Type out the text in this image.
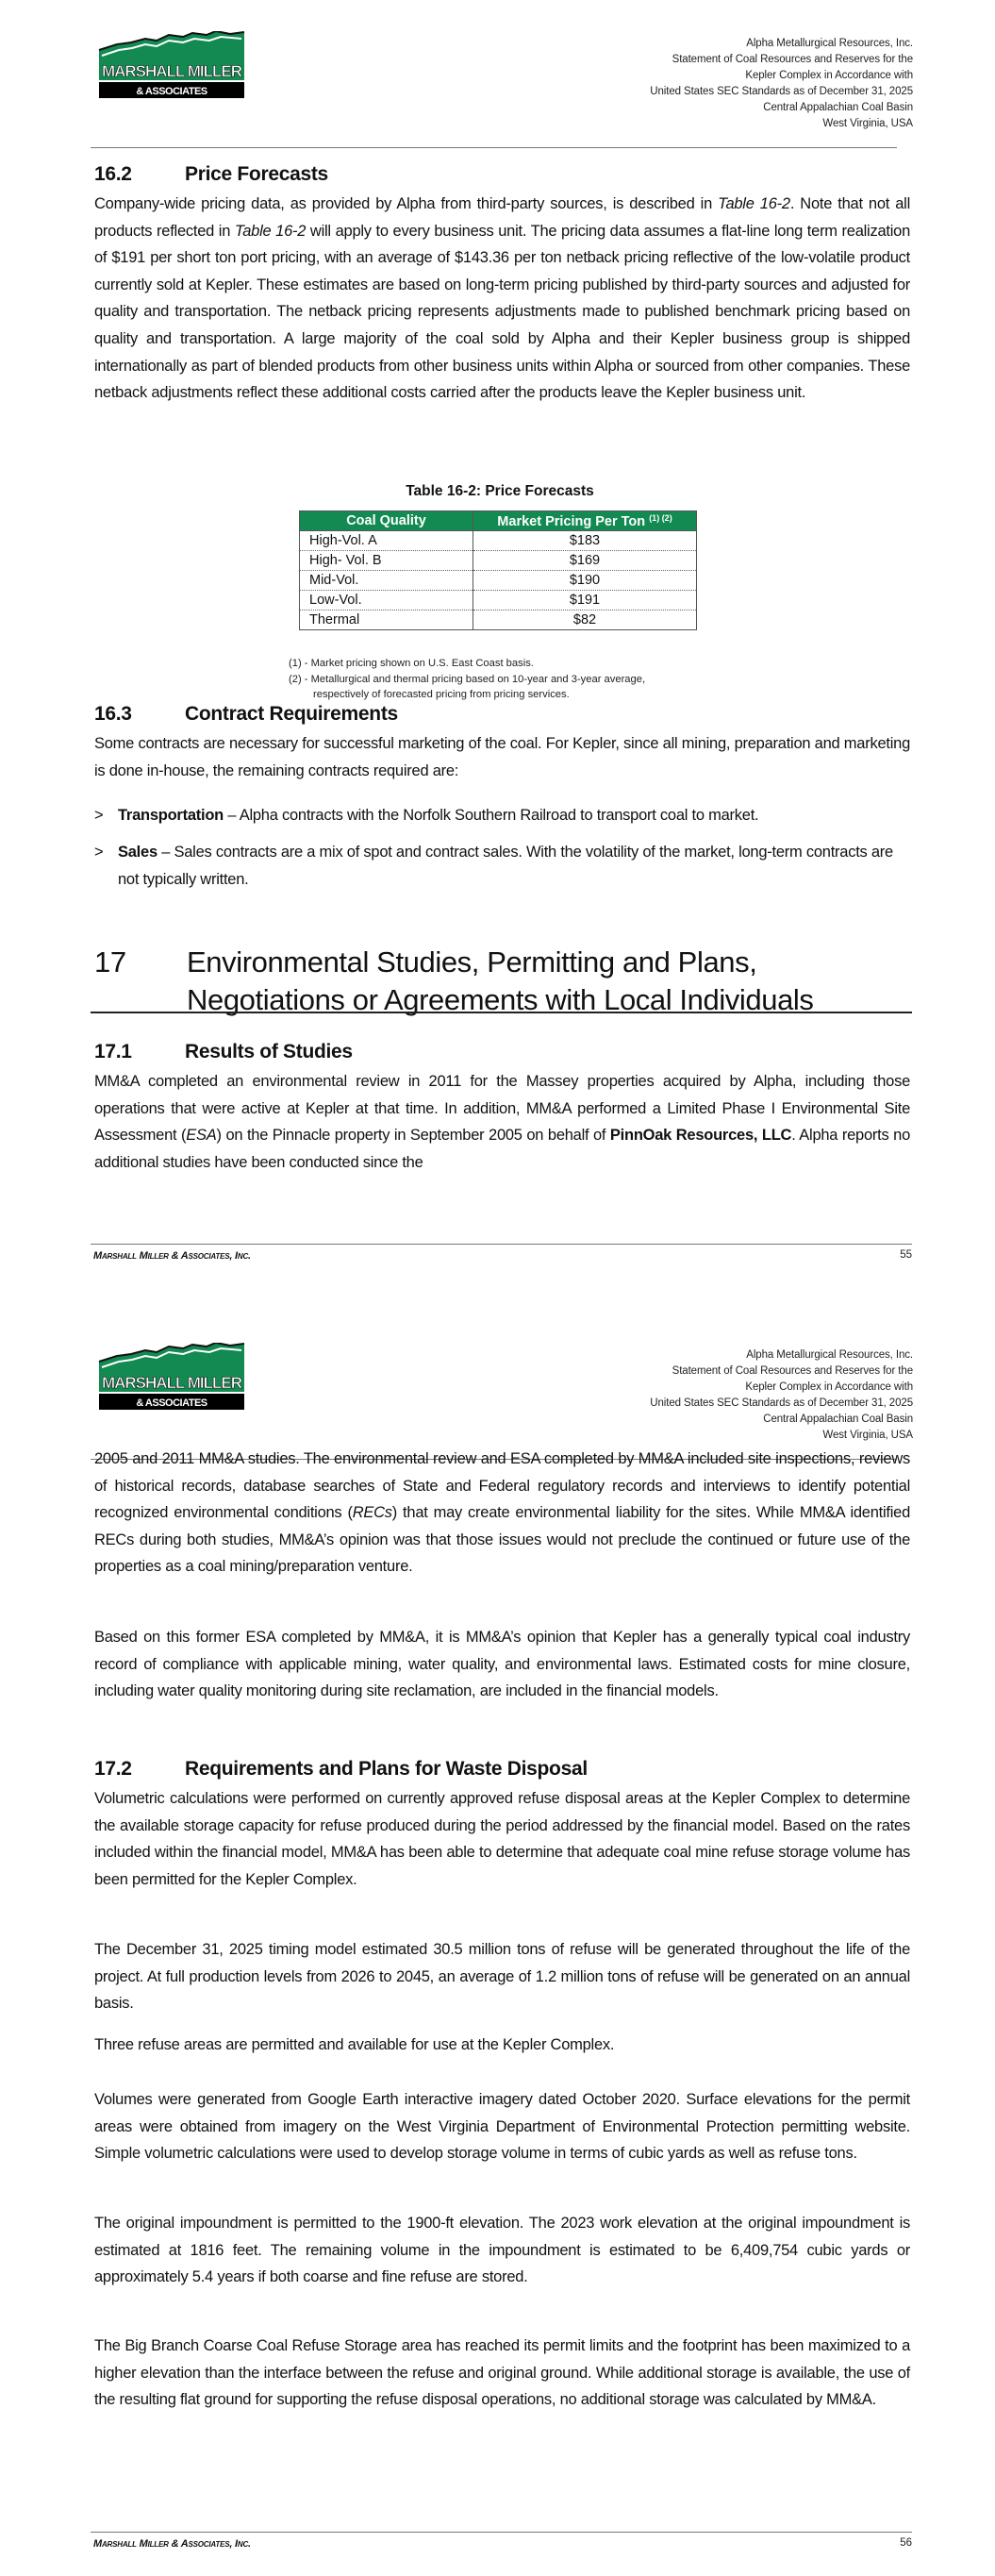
MARSHALL MILLER
& ASSOCIATES
Alpha Metallurgical Resources, Inc.
Statement of Coal Resources and Reserves for the
Kepler Complex in Accordance with
United States SEC Standards as of December 31, 2025
Central Appalachian Coal Basin
West Virginia, USA
16.2	Price Forecasts

Company-wide pricing data, as provided by Alpha from third-party sources, is described in Table 16-2. Note that not all products reflected in Table 16-2 will apply to every business unit. The pricing data assumes a flat-line long term realization of $191 per short ton port pricing, with an average of $143.36 per ton netback pricing reflective of the low-volatile product currently sold at Kepler. These estimates are based on long-term pricing published by third-party sources and adjusted for quality and transportation. The netback pricing represents adjustments made to published benchmark pricing based on quality and transportation. A large majority of the coal sold by Alpha and their Kepler business group is shipped internationally as part of blended products from other business units within Alpha or sourced from other companies. These netback adjustments reflect these additional costs carried after the products leave the Kepler business unit.

Table 16-2: Price Forecasts
Coal Quality	Market Pricing Per Ton $^{(1) (2)}$
High-Vol. A	$183
High- Vol. B	$169
Mid-Vol.	$190
Low-Vol.	$191
Thermal	$82
(1) - Market pricing shown on U.S. East Coast basis.
(2) - Metallurgical and thermal pricing based on 10-year and 3-year average,
respectively of forecasted pricing from pricing services.
16.3	Contract Requirements

Some contracts are necessary for successful marketing of the coal. For Kepler, since all mining, preparation and marketing is done in-house, the remaining contracts required are:

> Transportation – Alpha contracts with the Norfolk Southern Railroad to transport coal to market.
> Sales – Sales contracts are a mix of spot and contract sales. With the volatility of the market, long-term contracts are not typically written.
17 Environmental Studies, Permitting and Plans,
Negotiations or Agreements with Local Individuals
17.1	Results of Studies

MM&A completed an environmental review in 2011 for the Massey properties acquired by Alpha, including those operations that were active at Kepler at that time. In addition, MM&A performed a Limited Phase I Environmental Site Assessment (ESA) on the Pinnacle property in September 2005 on behalf of PinnOak Resources, LLC. Alpha reports no additional studies have been conducted since the

Marshall Miller & Associates, Inc.	55
MARSHALL MILLER
& ASSOCIATES
Alpha Metallurgical Resources, Inc.
Statement of Coal Resources and Reserves for the
Kepler Complex in Accordance with
United States SEC Standards as of December 31, 2025
Central Appalachian Coal Basin
West Virginia, USA

2005 and 2011 MM&A studies. The environmental review and ESA completed by MM&A included site inspections, reviews of historical records, database searches of State and Federal regulatory records and interviews to identify potential recognized environmental conditions (RECs) that may create environmental liability for the sites. While MM&A identified RECs during both studies, MM&A’s opinion was that those issues would not preclude the continued or future use of the properties as a coal mining/preparation venture.

Based on this former ESA completed by MM&A, it is MM&A’s opinion that Kepler has a generally typical coal industry record of compliance with applicable mining, water quality, and environmental laws. Estimated costs for mine closure, including water quality monitoring during site reclamation, are included in the financial models.

17.2	Requirements and Plans for Waste Disposal

Volumetric calculations were performed on currently approved refuse disposal areas at the Kepler Complex to determine the available storage capacity for refuse produced during the period addressed by the financial model. Based on the rates included within the financial model, MM&A has been able to determine that adequate coal mine refuse storage volume has been permitted for the Kepler Complex.

The December 31, 2025 timing model estimated 30.5 million tons of refuse will be generated throughout the life of the project. At full production levels from 2026 to 2045, an average of 1.2 million tons of refuse will be generated on an annual basis.

Three refuse areas are permitted and available for use at the Kepler Complex.

Volumes were generated from Google Earth interactive imagery dated October 2020. Surface elevations for the permit areas were obtained from imagery on the West Virginia Department of Environmental Protection permitting website. Simple volumetric calculations were used to develop storage volume in terms of cubic yards as well as refuse tons.

The original impoundment is permitted to the 1900-ft elevation. The 2023 work elevation at the original impoundment is estimated at 1816 feet. The remaining volume in the impoundment is estimated to be 6,409,754 cubic yards or approximately 5.4 years if both coarse and fine refuse are stored.

The Big Branch Coarse Coal Refuse Storage area has reached its permit limits and the footprint has been maximized to a higher elevation than the interface between the refuse and original ground. While additional storage is available, the use of the resulting flat ground for supporting the refuse disposal operations, no additional storage was calculated by MM&A.

Marshall Miller & Associates, Inc.	56
